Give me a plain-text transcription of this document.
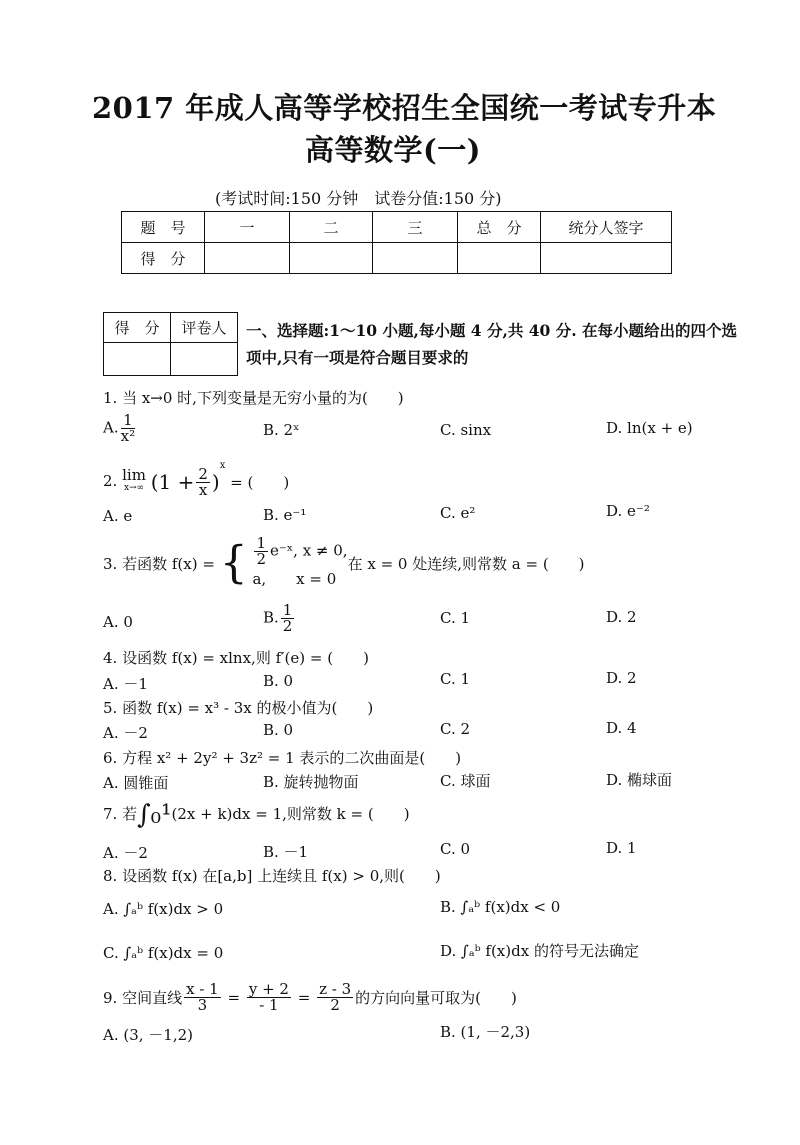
2017 年成人高等学校招生全国统一考试专升本
高等数学(一)
(考试时间:150 分钟　试卷分值:150 分)
题　号	一	二	三	总　分	统分人签字
得　分					
得　分	评卷人
	一、选择题:1～10 小题,每小题 4 分,共 40 分. 在每小题给出的四个选项中,只有一项是符合题目要求的
1. 当 x→0 时,下列变量是无穷小量的为(　　)
A. $\frac{1}{\text{x²}}$	B. 2ˣ	C. sinx	D. ln(x + e)
2. lim
x→∞ $(1 + \frac{2}{x} )^x$ = (　　)
A. e	B. e⁻¹	C. e²	D. e⁻²
3. 若函数 f(x) = { $\frac{1}{2}$ e⁻ˣ, x ≠ 0,
a,　　x = 0
在 x = 0 处连续,则常数 a = (　　)
A. 0	B. $\frac{1}{2}$	C. 1	D. 2
4. 设函数 f(x) = xlnx,则 f′(e) = (　　)
A. －1	B. 0	C. 1	D. 2
5. 函数 f(x) = x³ - 3x 的极小值为(　　)
A. －2	B. 0	C. 2	D. 4
6. 方程 x² + 2y² + 3z² = 1 表示的二次曲面是(　　)
A. 圆锥面	B. 旋转抛物面	C. 球面	D. 椭球面
7. 若∫₀¹(2x + k)dx = 1,则常数 k = (　　)
A. －2	B. －1	C. 0	D. 1
8. 设函数 f(x) 在[a,b] 上连续且 f(x) > 0,则(　　)
A. ∫ₐᵇ f(x)dx > 0	B. ∫ₐᵇ f(x)dx < 0
C. ∫ₐᵇ f(x)dx = 0	D. ∫ₐᵇ f(x)dx 的符号无法确定
9. 空间直线 $\frac{x - 1}{3} = \frac{y + 2}{- 1} = \frac{z - 3}{2}$ 的方向向量可取为(　　)
A. (3, －1,2)	B. (1, －2,3)
